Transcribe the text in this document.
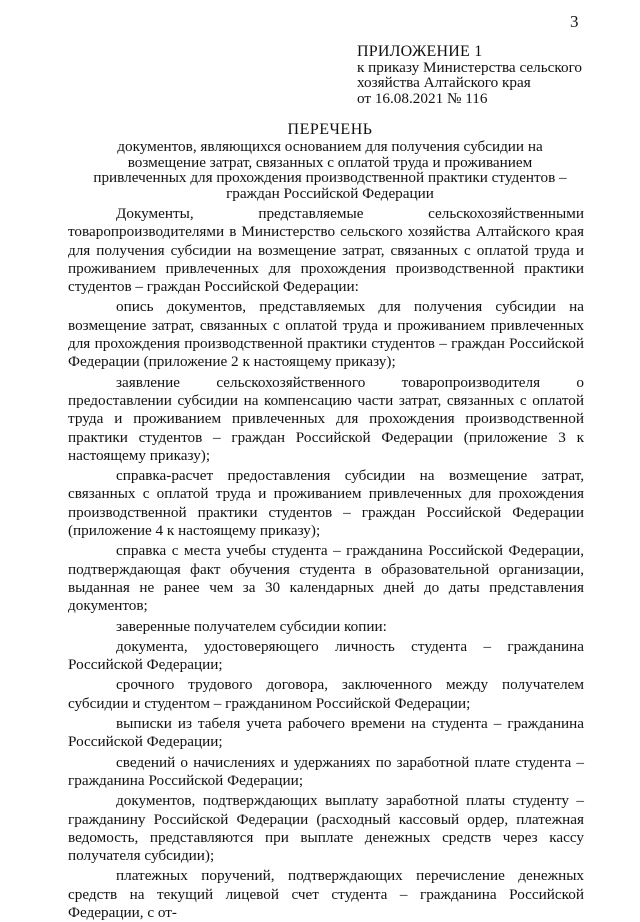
3
ПРИЛОЖЕНИЕ 1
к приказу Министерства сельского
хозяйства Алтайского края
от 16.08.2021 № 116
ПЕРЕЧЕНЬ
документов, являющихся основанием для получения субсидии на возмещение затрат, связанных с оплатой труда и проживанием привлеченных для прохождения производственной практики студентов – граждан Российской Федерации

Документы, представляемые сельскохозяйственными товаропроизводителями в Министерство сельского хозяйства Алтайского края для получения субсидии на возмещение затрат, связанных с оплатой труда и проживанием привлеченных для прохождения производственной практики студентов – граждан Российской Федерации:

опись документов, представляемых для получения субсидии на возмещение затрат, связанных с оплатой труда и проживанием привлеченных для прохождения производственной практики студентов – граждан Российской Федерации (приложение 2 к настоящему приказу);

заявление сельскохозяйственного товаропроизводителя о предоставлении субсидии на компенсацию части затрат, связанных с оплатой труда и проживанием привлеченных для прохождения производственной практики студентов – граждан Российской Федерации (приложение 3 к настоящему приказу);

справка-расчет предоставления субсидии на возмещение затрат, связанных с оплатой труда и проживанием привлеченных для прохождения производственной практики студентов – граждан Российской Федерации (приложение 4 к настоящему приказу);

справка с места учебы студента – гражданина Российской Федерации, подтверждающая факт обучения студента в образовательной организации, выданная не ранее чем за 30 календарных дней до даты представления документов;

заверенные получателем субсидии копии:

документа, удостоверяющего личность студента – гражданина Российской Федерации;

срочного трудового договора, заключенного между получателем субсидии и студентом – гражданином Российской Федерации;

выписки из табеля учета рабочего времени на студента – гражданина Российской Федерации;

сведений о начислениях и удержаниях по заработной плате студента – гражданина Российской Федерации;

документов, подтверждающих выплату заработной платы студенту – гражданину Российской Федерации (расходный кассовый ордер, платежная ведомость, представляются при выплате денежных средств через кассу получателя субсидии);

платежных поручений, подтверждающих перечисление денежных средств на текущий лицевой счет студента – гражданина Российской Федерации, с от-
